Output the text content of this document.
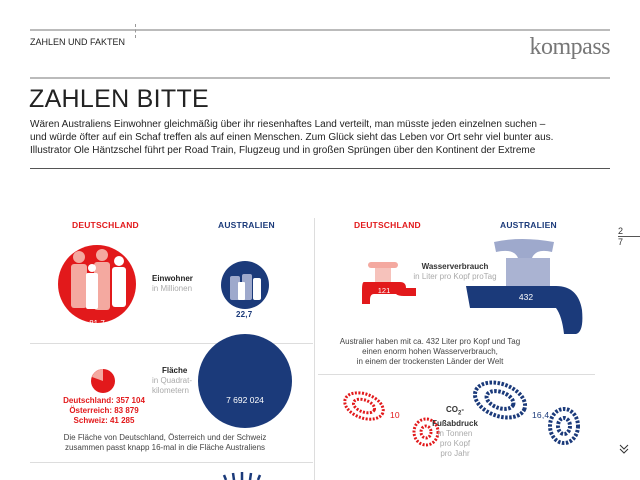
ZAHLEN UND FAKTEN	kompass
ZAHLEN BITTE
Wären Australiens Einwohner gleichmäßig über ihr riesenhaftes Land verteilt, man müsste jeden einzelnen suchen –
und würde öfter auf ein Schaf treffen als auf einen Menschen. Zum Glück sieht das Leben vor Ort sehr viel bunter aus.
Illustrator Ole Häntzschel führt per Road Train, Flugzeug und in großen Sprüngen über den Kontinent der Extreme
DEUTSCHLAND	AUSTRALIEN
81,7
Einwohner
in Millionen
22,7
Deutschland: 357 104
Österreich: 83 879
Schweiz: 41 285
Fläche
in Quadrat-
kilometern
7 692 024
Die Fläche von Deutschland, Österreich und der Schweiz
zusammen passt knapp 16-mal in die Fläche Australiens
DEUTSCHLAND	AUSTRALIEN
121
Wasserverbrauch
in Liter pro Kopf proTag
432
Australier haben mit ca. 432 Liter pro Kopf und Tag
einen enorm hohen Wasserverbrauch,
in einem der trockensten Länder der Welt
10
$CO_2-$
Fußabdruck
in Tonnen
pro Kopf
pro Jahr
16,4
2
7
